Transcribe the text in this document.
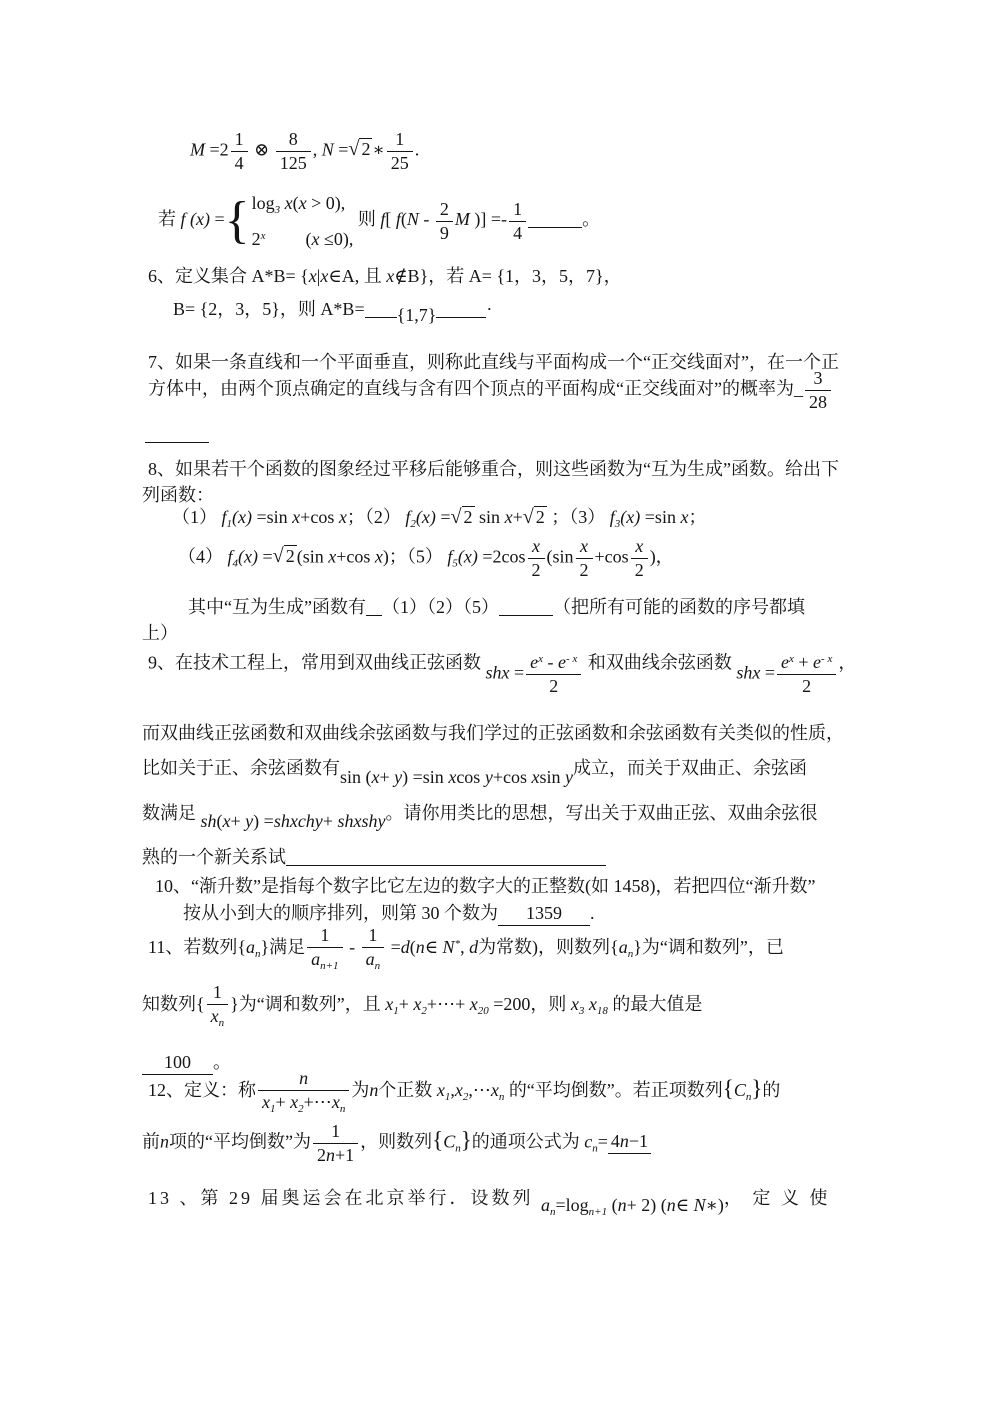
$M =2 \frac{1}{4}$ ⊗ $\frac{8}{125}$ , N =√ 2 ∗ $\frac{1}{25}$ .
若 f (x) = { $\log_3 x(x > 0)$,
2$^x$ (x ≤0),
则 f[ $f(N - \frac{2}{9}$ M )] =- $\frac{1}{4}$	。
6、定义集合 A*B= {x|x∈A, 且 x∉B}，若 A= {1，3，5，7}，
B= {2，3，5}，则 A*B= {1,7}	·
7、如果一条直线和一个平面垂直，则称此直线与平面构成一个“正交线面对”，在一个正
方体中，由两个顶点确定的直线与含有四个顶点的平面构成“正交线面对”的概率为_ $\frac{3}{28}$
8、如果若干个函数的图象经过平移后能够重合，则这些函数为“互为生成”函数。给出下
列函数：
（1） $f_1(x) =\sin$ x+cos x；（2） $f_2(x)$ =√ 2 sin x+√ 2 ；（3） $f_3(x) =\sin$ x；
（4） $f_4(x)$ =√ 2 (sin x+cos x)；（5） $f_5(x) =2\cos \frac{x}{2} (\sin \frac{x}{2} +\cos \frac{x}{2}$ )，
其中“互为生成”函数有 （1）（2）（5）	（把所有可能的函数的序号都填
上）
9、在技术工程上，常用到双曲线正弦函数 shx = $\frac{e^x - e^{- x}}{2}$ 和双曲线余弦函数 shx = $\frac{e^x + e^{- x}}{2}$ ，
而双曲线正弦函数和双曲线余弦函数与我们学过的正弦函数和余弦函数有关类似的性质，
比如关于正、余弦函数有sin (x+ y) =sin xcos y+cos xsin y成立，而关于双曲正、余弦函
数满足 sh(x+ y) =shxchy+ shxshy。请你用类比的思想，写出关于双曲正弦、双曲余弦很
熟的一个新关系试
10、“渐升数”是指每个数字比它左边的数字大的正整数(如 1458)，若把四位“渐升数”
按从小到大的顺序排列，则第 30 个数为 1359 .
11、若数列$\{a_n\}$满足 $\frac{1}{a_{n+1}} - \frac{1}{a_n}$ =d(n∈ N*, d为常数)，则数列$\{a_n\}$为“调和数列”，已
知数列{ $\frac{1}{x_n}$ }为“调和数列”，且 $x_1+$ $x_2+\cdots+ x_{20} =200$，则 $x_3$ $x_{18}$ 的最大值是
100 。
12、定义：称 $\frac{n}{x_1+ x_2+\cdots x_n}$ 为n个正数 $x_1,x_2,\cdots x_n$ 的“平均倒数”。若正项数列$\{C_n\}$的
前n项的“平均倒数”为 $\frac{1}{2n+1}$ ，则数列$\{C_n\}$的通项公式为 $c_n=4n-1$
13 、第 29 届奥运会在北京举行．设数列 $a_n=\log_{n+1}$ (n+ 2) (n∈ N∗)， 定 义 使
